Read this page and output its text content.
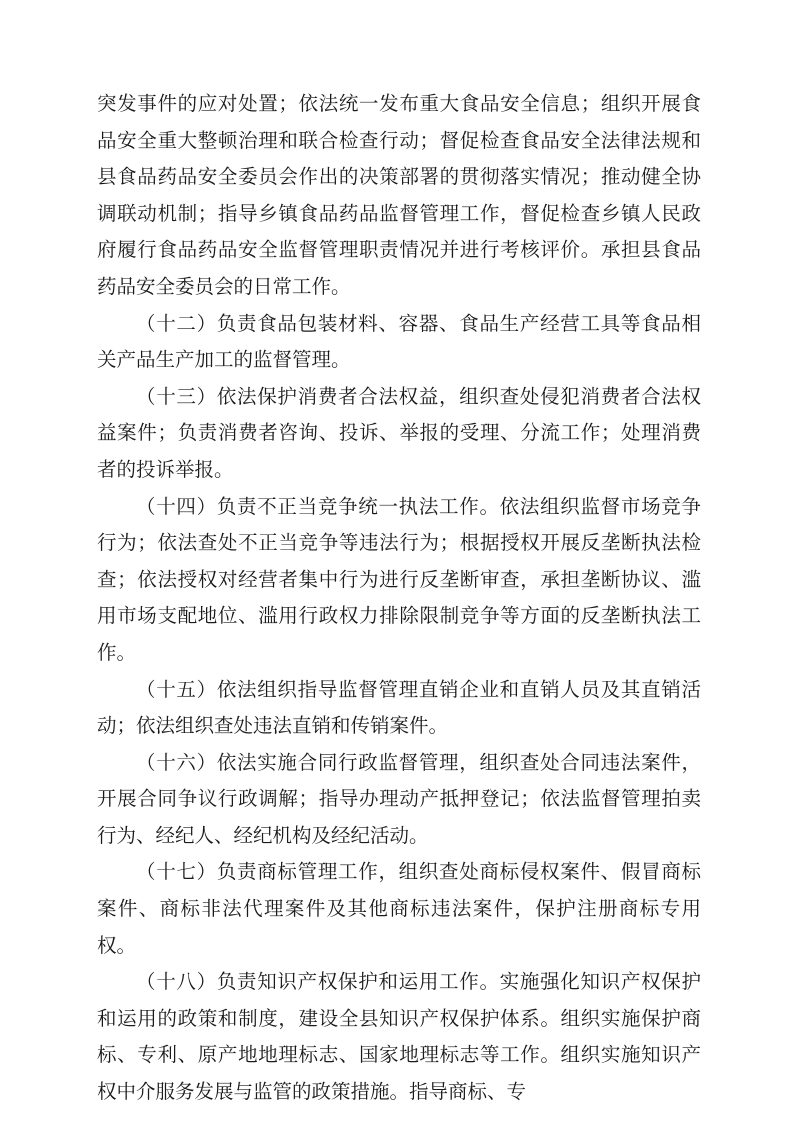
突发事件的应对处置；依法统一发布重大食品安全信息；组织开展食品安全重大整顿治理和联合检查行动；督促检查食品安全法律法规和县食品药品安全委员会作出的决策部署的贯彻落实情况；推动健全协调联动机制；指导乡镇食品药品监督管理工作，督促检查乡镇人民政府履行食品药品安全监督管理职责情况并进行考核评价。承担县食品药品安全委员会的日常工作。

（十二）负责食品包装材料、容器、食品生产经营工具等食品相关产品生产加工的监督管理。

（十三）依法保护消费者合法权益，组织查处侵犯消费者合法权益案件；负责消费者咨询、投诉、举报的受理、分流工作；处理消费者的投诉举报。

（十四）负责不正当竞争统一执法工作。依法组织监督市场竞争行为；依法查处不正当竞争等违法行为；根据授权开展反垄断执法检查；依法授权对经营者集中行为进行反垄断审查，承担垄断协议、滥用市场支配地位、滥用行政权力排除限制竞争等方面的反垄断执法工作。

（十五）依法组织指导监督管理直销企业和直销人员及其直销活动；依法组织查处违法直销和传销案件。

（十六）依法实施合同行政监督管理，组织查处合同违法案件，开展合同争议行政调解；指导办理动产抵押登记；依法监督管理拍卖行为、经纪人、经纪机构及经纪活动。

（十七）负责商标管理工作，组织查处商标侵权案件、假冒商标案件、商标非法代理案件及其他商标违法案件，保护注册商标专用权。

（十八）负责知识产权保护和运用工作。实施强化知识产权保护和运用的政策和制度，建设全县知识产权保护体系。组织实施保护商标、专利、原产地地理标志、国家地理标志等工作。组织实施知识产权中介服务发展与监管的政策措施。指导商标、专
